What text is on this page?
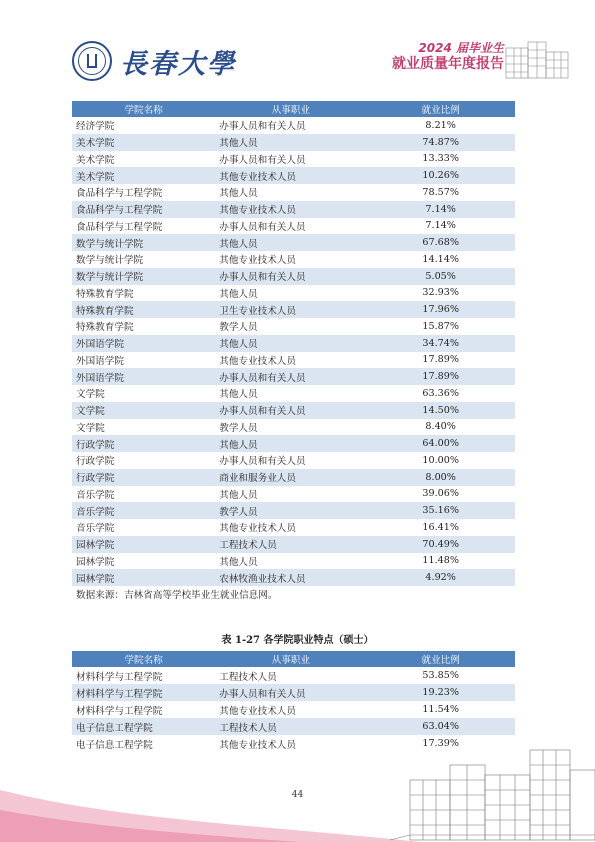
長春大學
2024 届毕业生
就业质量年度报告
学院名称	从事职业	就业比例
经济学院	办事人员和有关人员	8.21%
美术学院	其他人员	74.87%
美术学院	办事人员和有关人员	13.33%
美术学院	其他专业技术人员	10.26%
食品科学与工程学院	其他人员	78.57%
食品科学与工程学院	其他专业技术人员	7.14%
食品科学与工程学院	办事人员和有关人员	7.14%
数学与统计学院	其他人员	67.68%
数学与统计学院	其他专业技术人员	14.14%
数学与统计学院	办事人员和有关人员	5.05%
特殊教育学院	其他人员	32.93%
特殊教育学院	卫生专业技术人员	17.96%
特殊教育学院	教学人员	15.87%
外国语学院	其他人员	34.74%
外国语学院	其他专业技术人员	17.89%
外国语学院	办事人员和有关人员	17.89%
文学院	其他人员	63.36%
文学院	办事人员和有关人员	14.50%
文学院	教学人员	8.40%
行政学院	其他人员	64.00%
行政学院	办事人员和有关人员	10.00%
行政学院	商业和服务业人员	8.00%
音乐学院	其他人员	39.06%
音乐学院	教学人员	35.16%
音乐学院	其他专业技术人员	16.41%
园林学院	工程技术人员	70.49%
园林学院	其他人员	11.48%
园林学院	农林牧渔业技术人员	4.92%
数据来源：吉林省高等学校毕业生就业信息网。
表 1-27 各学院职业特点（硕士）
学院名称	从事职业	就业比例
材料科学与工程学院	工程技术人员	53.85%
材料科学与工程学院	办事人员和有关人员	19.23%
材料科学与工程学院	其他专业技术人员	11.54%
电子信息工程学院	工程技术人员	63.04%
电子信息工程学院	其他专业技术人员	17.39%
44
